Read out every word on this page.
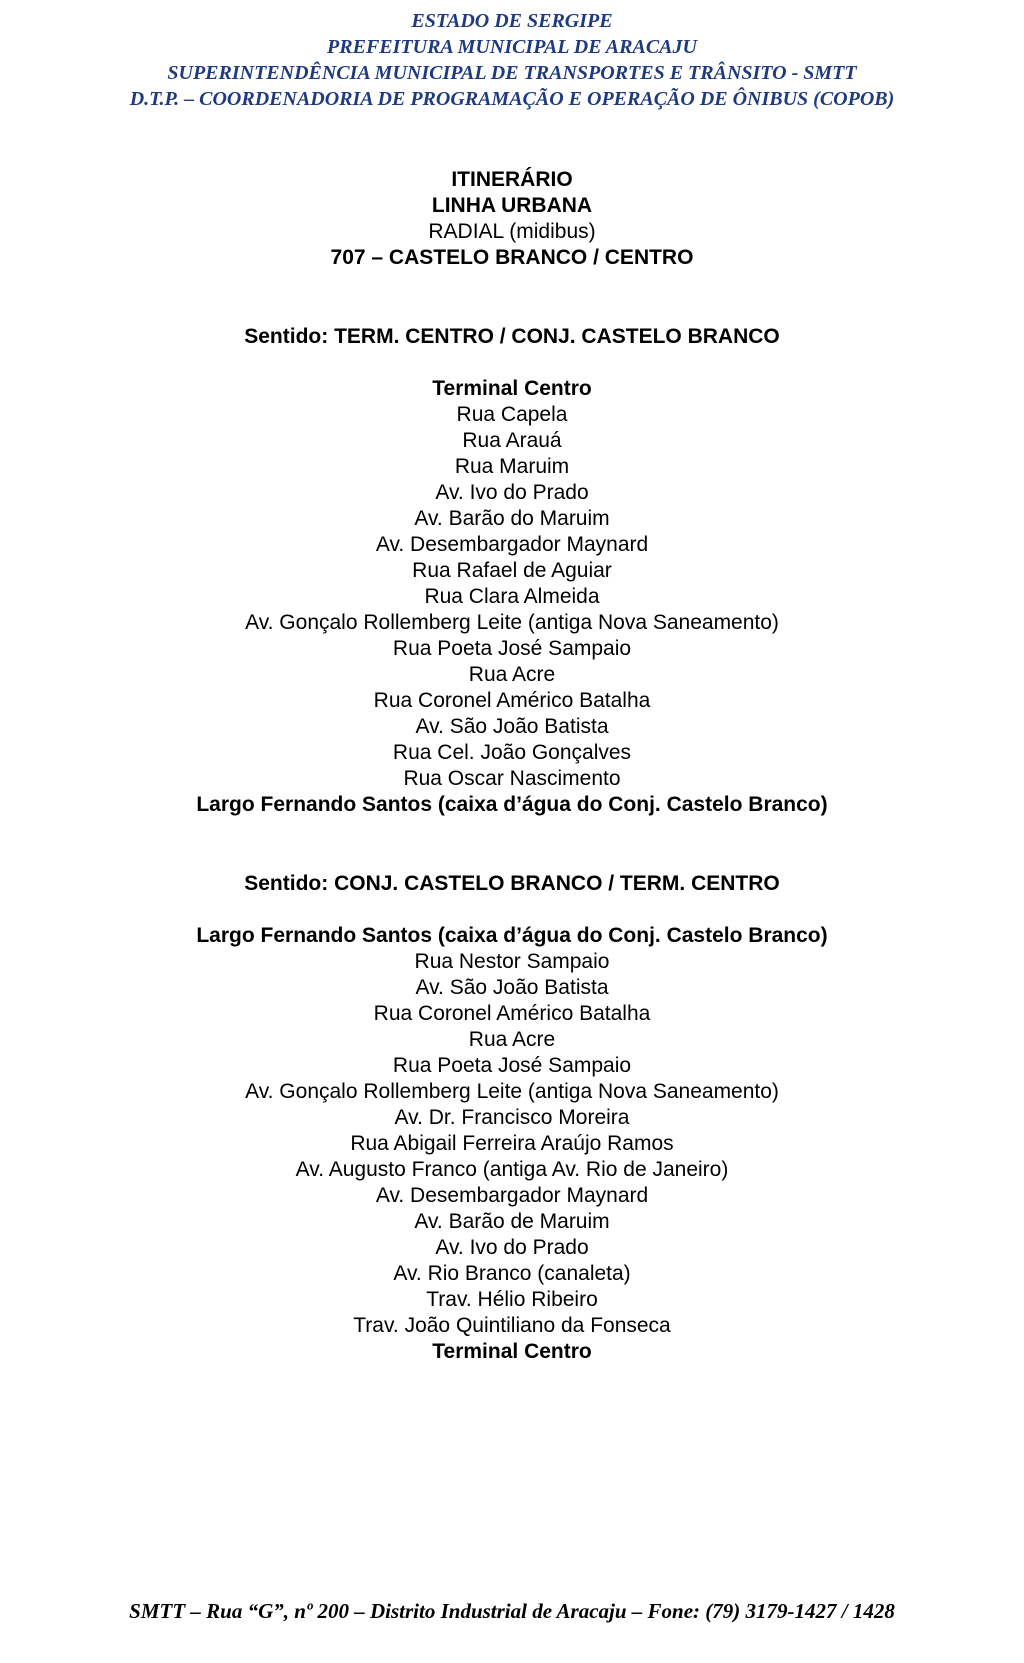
ESTADO DE SERGIPE
PREFEITURA MUNICIPAL DE ARACAJU
SUPERINTENDÊNCIA MUNICIPAL DE TRANSPORTES E TRÂNSITO - SMTT
D.T.P. – COORDENADORIA DE PROGRAMAÇÃO E OPERAÇÃO DE ÔNIBUS (COPOB)
ITINERÁRIO
LINHA URBANA
RADIAL (midibus)
707 – CASTELO BRANCO / CENTRO
Sentido: TERM. CENTRO / CONJ. CASTELO BRANCO
Terminal Centro
Rua Capela
Rua Arauá
Rua Maruim
Av. Ivo do Prado
Av. Barão do Maruim
Av. Desembargador Maynard
Rua Rafael de Aguiar
Rua Clara Almeida
Av. Gonçalo Rollemberg Leite (antiga Nova Saneamento)
Rua Poeta José Sampaio
Rua Acre
Rua Coronel Américo Batalha
Av. São João Batista
Rua Cel. João Gonçalves
Rua Oscar Nascimento
Largo Fernando Santos (caixa d’água do Conj. Castelo Branco)
Sentido: CONJ. CASTELO BRANCO / TERM. CENTRO
Largo Fernando Santos (caixa d’água do Conj. Castelo Branco)
Rua Nestor Sampaio
Av. São João Batista
Rua Coronel Américo Batalha
Rua Acre
Rua Poeta José Sampaio
Av. Gonçalo Rollemberg Leite (antiga Nova Saneamento)
Av. Dr. Francisco Moreira
Rua Abigail Ferreira Araújo Ramos
Av. Augusto Franco (antiga Av. Rio de Janeiro)
Av. Desembargador Maynard
Av. Barão de Maruim
Av. Ivo do Prado
Av. Rio Branco (canaleta)
Trav. Hélio Ribeiro
Trav. João Quintiliano da Fonseca
Terminal Centro
SMTT – Rua “G”, nº 200 – Distrito Industrial de Aracaju – Fone: (79) 3179-1427 / 1428
